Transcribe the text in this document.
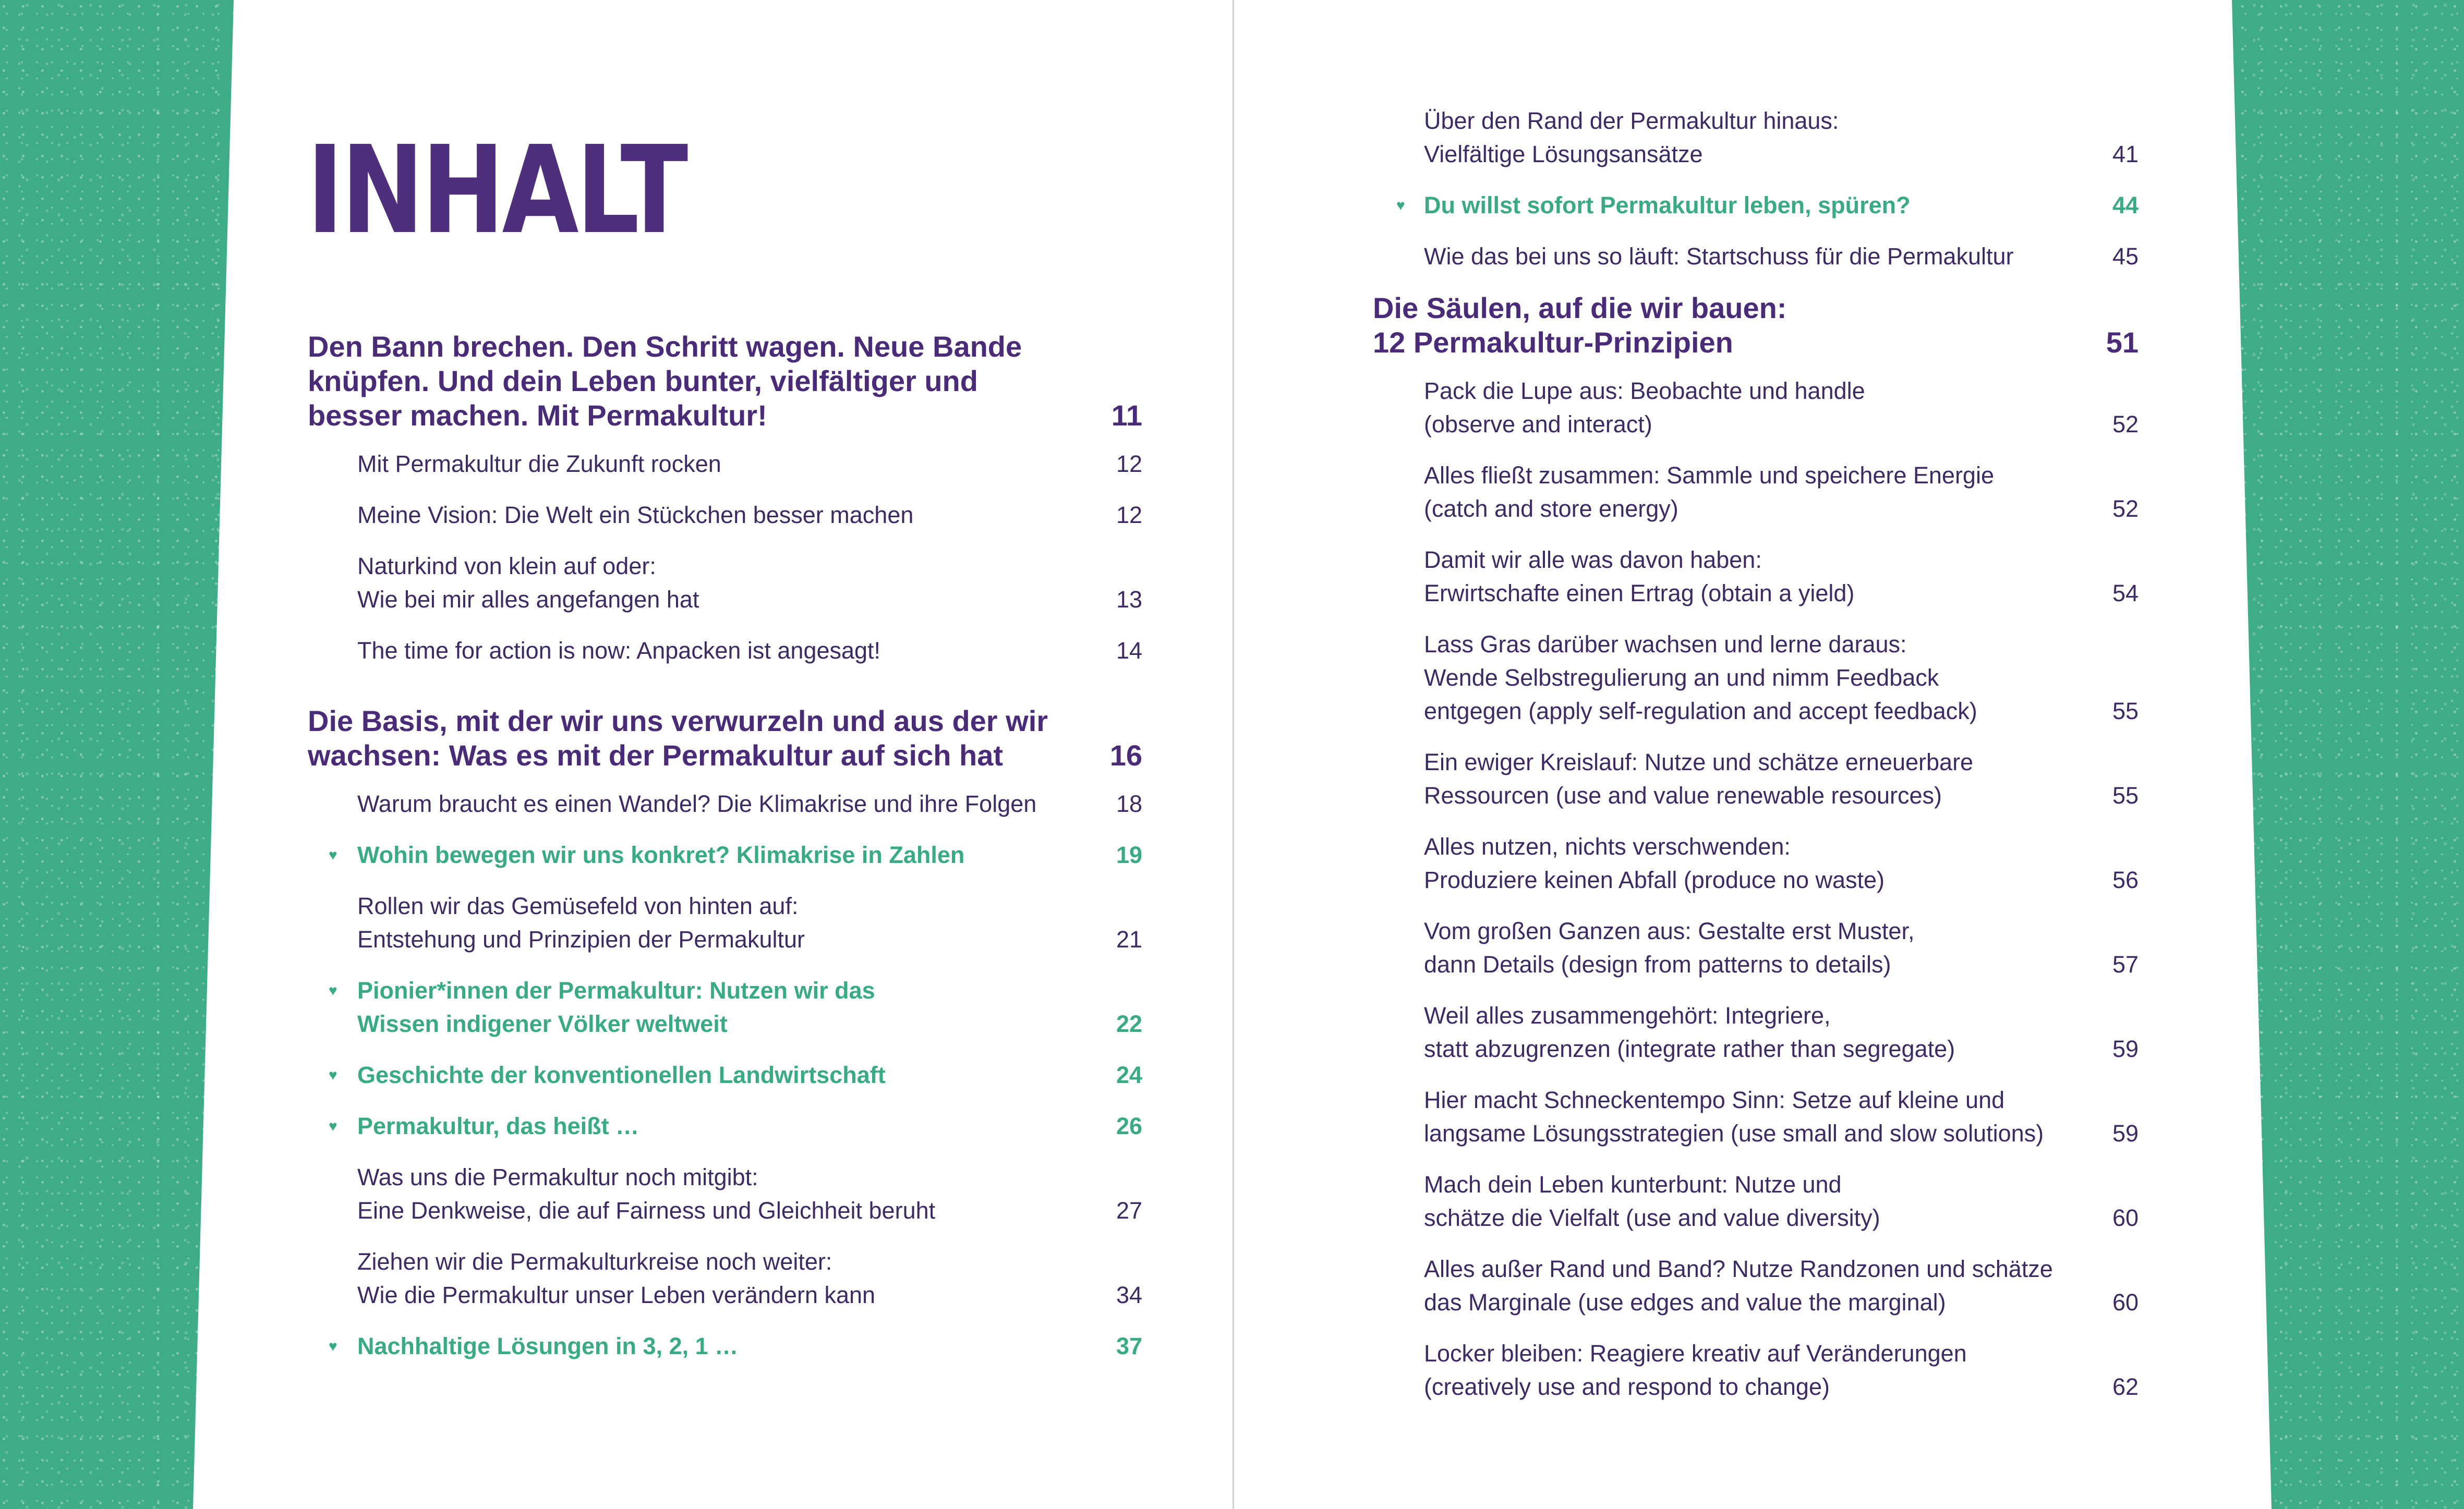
INHALT
Den Bann brechen. Den Schritt wagen. Neue Bande
knüpfen. Und dein Leben bunter, vielfältiger und
besser machen. Mit Permakultur!	11
Mit Permakultur die Zukunft rocken	12
Meine Vision: Die Welt ein Stückchen besser machen	12
Naturkind von klein auf oder:
Wie bei mir alles angefangen hat	13
The time for action is now: Anpacken ist angesagt!	14
Die Basis, mit der wir uns verwurzeln und aus der wir
wachsen: Was es mit der Permakultur auf sich hat	16
Warum braucht es einen Wandel? Die Klimakrise und ihre Folgen	18
♥ Wohin bewegen wir uns konkret? Klimakrise in Zahlen	19
Rollen wir das Gemüsefeld von hinten auf:
Entstehung und Prinzipien der Permakultur	21
♥ Pionier*innen der Permakultur: Nutzen wir das
Wissen indigener Völker weltweit	22
♥ Geschichte der konventionellen Landwirtschaft	24
♥ Permakultur, das heißt …	26
Was uns die Permakultur noch mitgibt:
Eine Denkweise, die auf Fairness und Gleichheit beruht	27
Ziehen wir die Permakulturkreise noch weiter:
Wie die Permakultur unser Leben verändern kann	34
♥ Nachhaltige Lösungen in 3, 2, 1 …	37
Über den Rand der Permakultur hinaus:
Vielfältige Lösungsansätze	41
♥ Du willst sofort Permakultur leben, spüren?	44
Wie das bei uns so läuft: Startschuss für die Permakultur	45
Die Säulen, auf die wir bauen:
12 Permakultur-Prinzipien	51
Pack die Lupe aus: Beobachte und handle
(observe and interact)	52
Alles fließt zusammen: Sammle und speichere Energie
(catch and store energy)	52
Damit wir alle was davon haben:
Erwirtschafte einen Ertrag (obtain a yield)	54
Lass Gras darüber wachsen und lerne daraus:
Wende Selbstregulierung an und nimm Feedback
entgegen (apply self-regulation and accept feedback)	55
Ein ewiger Kreislauf: Nutze und schätze erneuerbare
Ressourcen (use and value renewable resources)	55
Alles nutzen, nichts verschwenden:
Produziere keinen Abfall (produce no waste)	56
Vom großen Ganzen aus: Gestalte erst Muster,
dann Details (design from patterns to details)	57
Weil alles zusammengehört: Integriere,
statt abzugrenzen (integrate rather than segregate)	59
Hier macht Schneckentempo Sinn: Setze auf kleine und
langsame Lösungsstrategien (use small and slow solutions)	59
Mach dein Leben kunterbunt: Nutze und
schätze die Vielfalt (use and value diversity)	60
Alles außer Rand und Band? Nutze Randzonen und schätze
das Marginale (use edges and value the marginal)	60
Locker bleiben: Reagiere kreativ auf Veränderungen
(creatively use and respond to change)	62
